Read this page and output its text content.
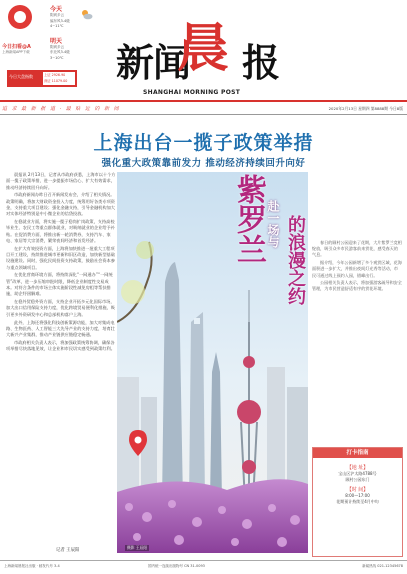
今日扫看@A
上海新闻APP下载
今天
阴到多云
偏东风3-4级
4~11℃
明天
阴到多云
东北风3-4级
3~10℃
今日大盘指数	上证 2926.90
深证 11079.00 新闻
晨 报
SHANGHAI MORNING POST
追 求 最 新 报 道 · 最 贴 近 的 新 闻	2020年2月13日 星期四 第8888期 今日8版
上海出台一揽子政策举措
强化重大政策靠前发力 推动经济持续回升向好

晨报讯 2月13日，记者从市政府获悉，上海市以十个方面一揽子政策举措，进一步提振市场信心、扩大有效需求，推动经济持续回升向好。

市政府新闻办昨日召开新闻发布会，介绍了相关情况。政策明确，将加大财政资金投入力度，统筹用好各类专项资金，支持重大项目建设；强化金融支持，引导金融机构加大对实体经济特别是中小微企业的信贷投放。

在稳就业方面，将实施一揽子稳岗扩岗政策，支持高校毕业生、农民工等重点群体就业，对吸纳就业的企业给予补贴。在促消费方面，将推出新一轮消费券，支持汽车、家电、家居等大宗消费，繁荣夜间经济和首发经济。

在扩大有效投资方面，上海将加快推进一批重大工程项目开工建设，持续推进城市更新和旧区改造，加快新型基础设施建设。同时，强化民间投资支持政策，鼓励社会资本参与重点领域项目。

在优化营商环境方面，将持续深化“一网通办”“一网统管”改革，进一步压缩审批时限，降低企业制度性交易成本。对符合条件的市场主体实施阶段性减免房租等帮扶措施，助企纾困解难。

在稳外贸稳外资方面，支持企业开拓多元化国际市场，加大出口信用保险支持力度，优化跨境贸易便利化措施，吸引更多外资研发中心和总部机构落户上海。

此外，上海还将强化科技创新策源功能，加大对集成电路、生物医药、人工智能三大先导产业的支持力度，培育壮大新兴产业集群，推动产业链供应链稳定畅通。

市政府相关负责人表示，将加强政策统筹协调，确保各项举措尽快落地见效，让企业和市民切实感受到政策红利。

记者 王辰阳
赴一场与
紫罗兰 的浪漫之约
摄影 王辰阳

春日的顾村公园迎来了花期，大片紫罗兰竞相绽放，吸引众多市民游客前来赏花，感受春天的气息。

据介绍，今年公园新增了多个观赏区域，花海面积进一步扩大，并推出夜间灯光秀等活动，市民可通过线上预约入园，错峰出行。

公园相关负责人表示，将加强游客疏导和安全管理，为市民营造舒适有序的赏花环境。

打卡指南
【地 址】
宝山区沪太路4788号
顾村公园东门
【时 间】
8:00—17:00
花期预计持续至4月中旬
上海新闻晨报社出版 · 邮发代号 3-4	国内统一连续出版物号 CN 31-0093	新闻热线 021-12345678
